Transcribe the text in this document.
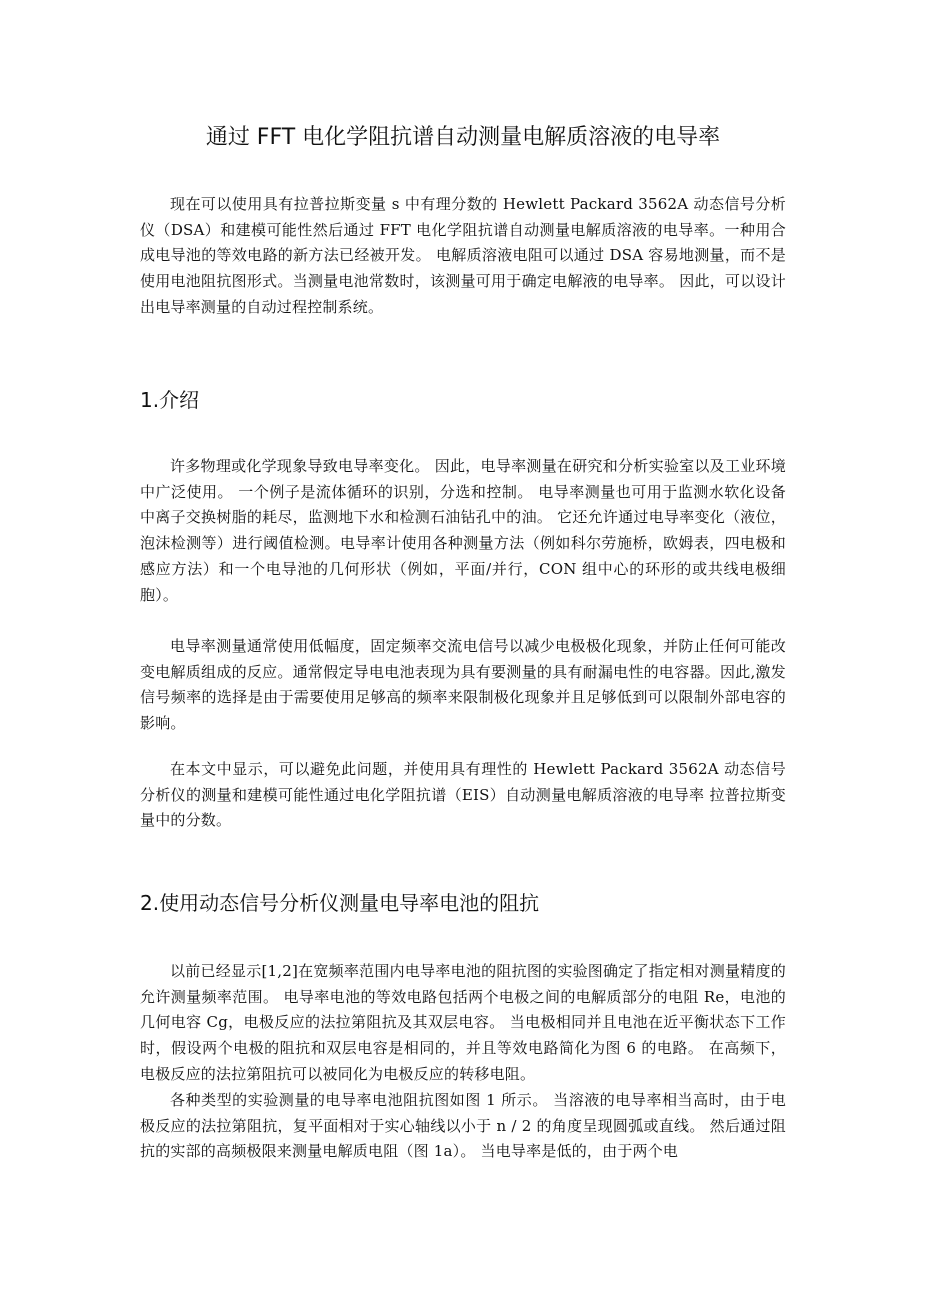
通过 FFT 电化学阻抗谱自动测量电解质溶液的电导率

现在可以使用具有拉普拉斯变量 s 中有理分数的 Hewlett Packard 3562A 动态信号分析仪（DSA）和建模可能性然后通过 FFT 电化学阻抗谱自动测量电解质溶液的电导率。一种用合成电导池的等效电路的新方法已经被开发。 电解质溶液电阻可以通过 DSA 容易地测量，而不是使用电池阻抗图形式。当测量电池常数时，该测量可用于确定电解液的电导率。 因此，可以设计出电导率测量的自动过程控制系统。

1.介绍

许多物理或化学现象导致电导率变化。 因此，电导率测量在研究和分析实验室以及工业环境中广泛使用。 一个例子是流体循环的识别，分选和控制。 电导率测量也可用于监测水软化设备中离子交换树脂的耗尽，监测地下水和检测石油钻孔中的油。 它还允许通过电导率变化（液位，泡沫检测等）进行阈值检测。电导率计使用各种测量方法（例如科尔劳施桥，欧姆表，四电极和感应方法）和一个电导池的几何形状（例如，平面/并行，CON 组中心的环形的或共线电极细胞）。

电导率测量通常使用低幅度，固定频率交流电信号以减少电极极化现象，并防止任何可能改变电解质组成的反应。通常假定导电电池表现为具有要测量的具有耐漏电性的电容器。因此,激发信号频率的选择是由于需要使用足够高的频率来限制极化现象并且足够低到可以限制外部电容的影响。

在本文中显示，可以避免此问题，并使用具有理性的 Hewlett Packard 3562A 动态信号分析仪的测量和建模可能性通过电化学阻抗谱（EIS）自动测量电解质溶液的电导率 拉普拉斯变量中的分数。

2.使用动态信号分析仪测量电导率电池的阻抗

以前已经显示[1,2]在宽频率范围内电导率电池的阻抗图的实验图确定了指定相对测量精度的允许测量频率范围。 电导率电池的等效电路包括两个电极之间的电解质部分的电阻 Re，电池的几何电容 Cg，电极反应的法拉第阻抗及其双层电容。 当电极相同并且电池在近平衡状态下工作时，假设两个电极的阻抗和双层电容是相同的，并且等效电路简化为图 6 的电路。 在高频下，电极反应的法拉第阻抗可以被同化为电极反应的转移电阻。

各种类型的实验测量的电导率电池阻抗图如图 1 所示。 当溶液的电导率相当高时，由于电极反应的法拉第阻抗，复平面相对于实心轴线以小于 n / 2 的角度呈现圆弧或直线。 然后通过阻抗的实部的高频极限来测量电解质电阻（图 1a）。 当电导率是低的，由于两个电
